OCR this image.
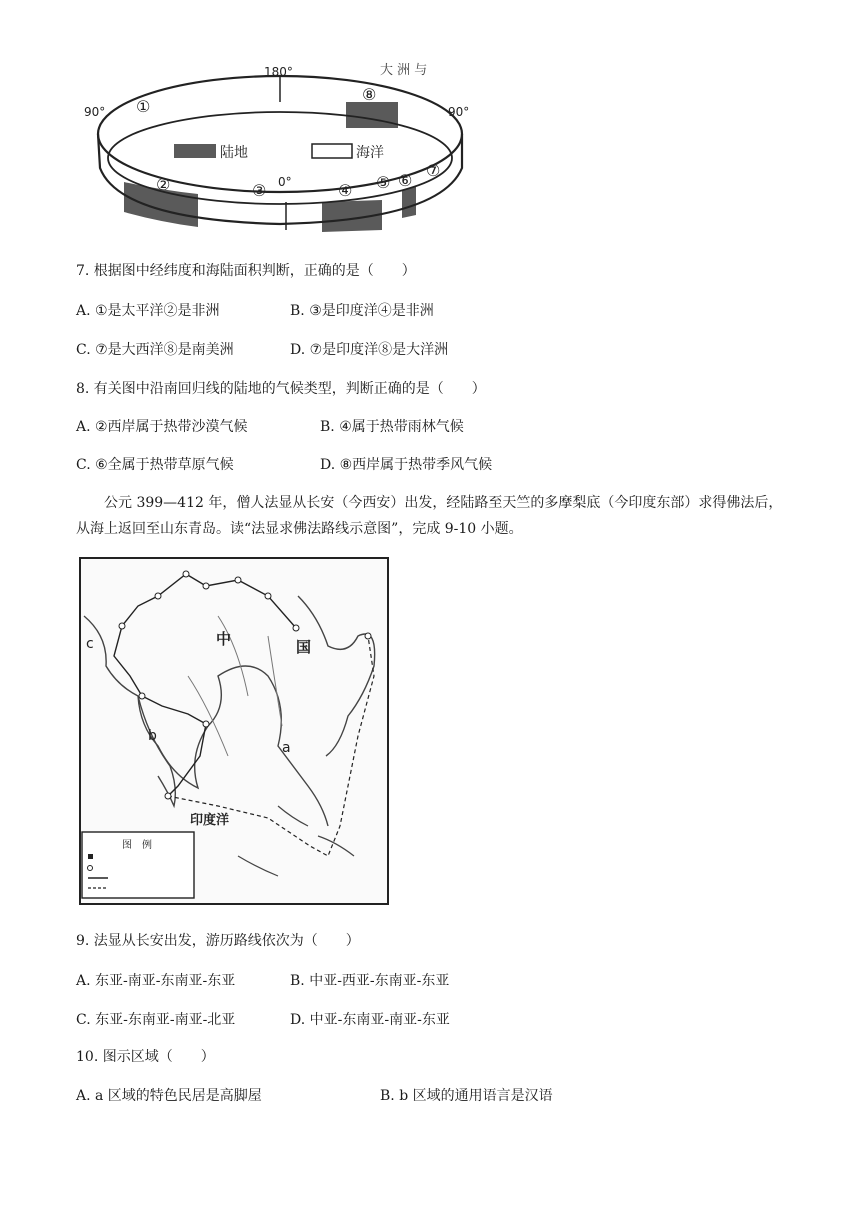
陆地	海洋
90°
180°
90°
0°
大 洲 与
①
⑧
②	③	④ ⑤ ⑥
⑦
7. 根据图中经纬度和海陆面积判断，正确的是（　　）
A. ①是太平洋②是非洲	B. ③是印度洋④是非洲
C. ⑦是大西洋⑧是南美洲	D. ⑦是印度洋⑧是大洋洲
8. 有关图中沿南回归线的陆地的气候类型，判断正确的是（　　）
A. ②西岸属于热带沙漠气候	B. ④属于热带雨林气候
C. ⑥全属于热带草原气候	D. ⑧西岸属于热带季风气候
公元 399—412 年，僧人法显从长安（今西安）出发，经陆路至天竺的多摩梨底（今印度东部）求得佛法后，从海上返回至山东青岛。读“法显求佛法路线示意图”，完成 9-10 小题。
中	国
a
b
c
印度洋
图　例
9. 法显从长安出发，游历路线依次为（　　）
A. 东亚-南亚-东南亚-东亚	B. 中亚-西亚-东南亚-东亚
C. 东亚-东南亚-南亚-北亚	D. 中亚-东南亚-南亚-东亚
10. 图示区域（　　）
A. a 区域的特色民居是高脚屋	B. b 区域的通用语言是汉语
